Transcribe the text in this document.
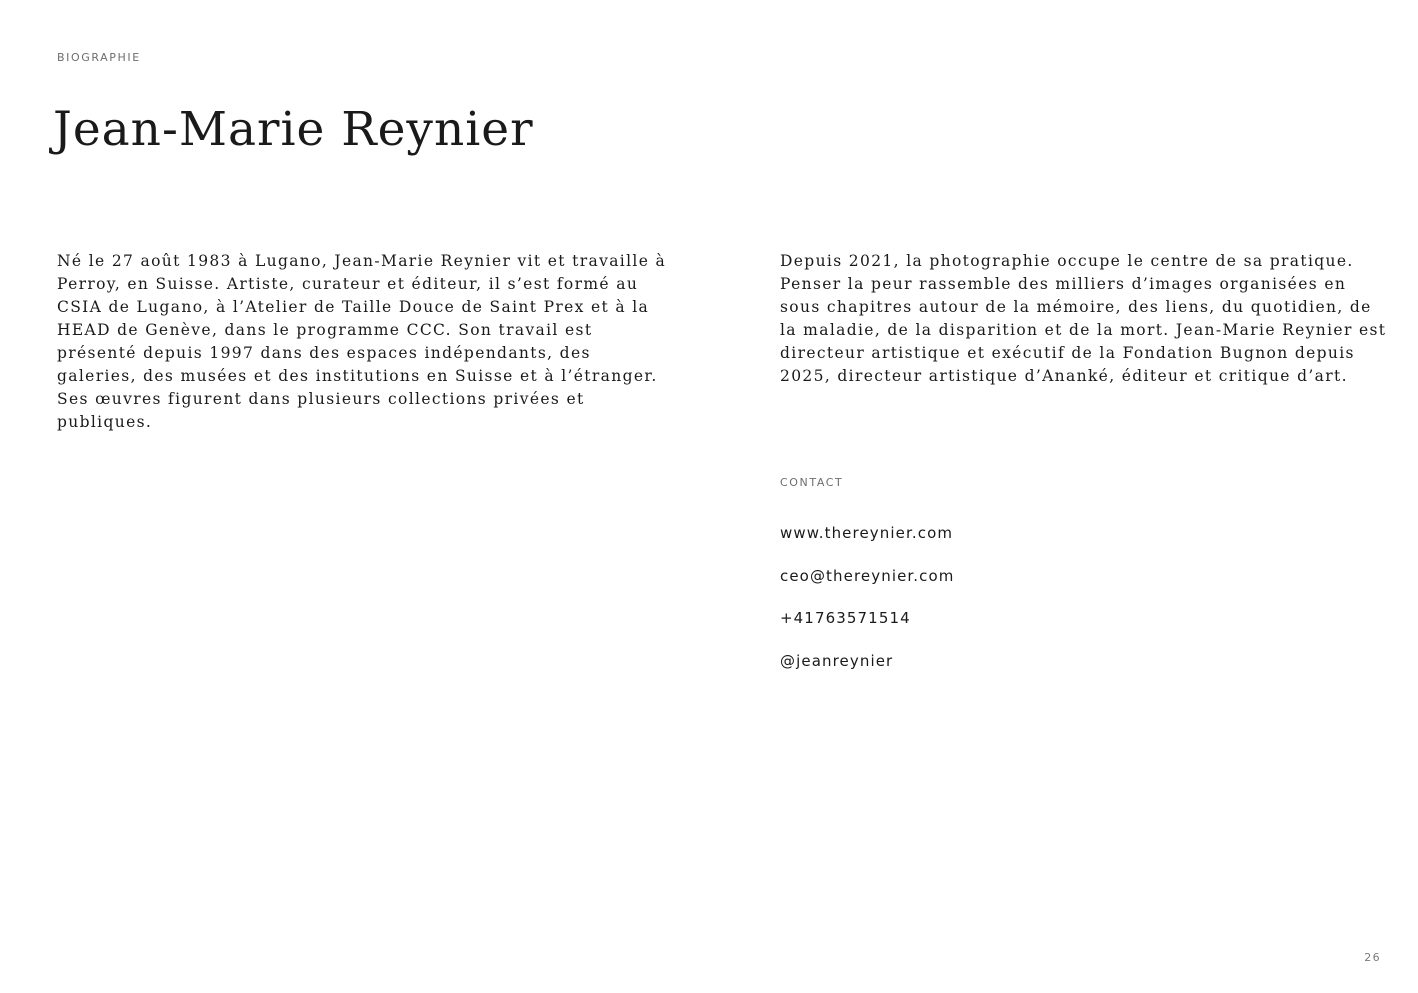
BIOGRAPHIE

Jean-Marie Reynier

Né le 27 août 1983 à Lugano, Jean-Marie Reynier vit et travaille à Perroy, en Suisse. Artiste, curateur et éditeur, il s’est formé au CSIA de Lugano, à l’Atelier de Taille Douce de Saint Prex et à la HEAD de Genève, dans le programme CCC. Son travail est présenté depuis 1997 dans des espaces indépendants, des galeries, des musées et des institutions en Suisse et à l’étranger. Ses œuvres figurent dans plusieurs collections privées et publiques.

Depuis 2021, la photographie occupe le centre de sa pratique. Penser la peur rassemble des milliers d’images organisées en sous chapitres autour de la mémoire, des liens, du quotidien, de la maladie, de la disparition et de la mort. Jean-Marie Reynier est directeur artistique et exécutif de la Fondation Bugnon depuis 2025, directeur artistique d’Ananké, éditeur et critique d’art.

CONTACT

www.thereynier.com
ceo@thereynier.com
+41763571514
@jeanreynier

26
